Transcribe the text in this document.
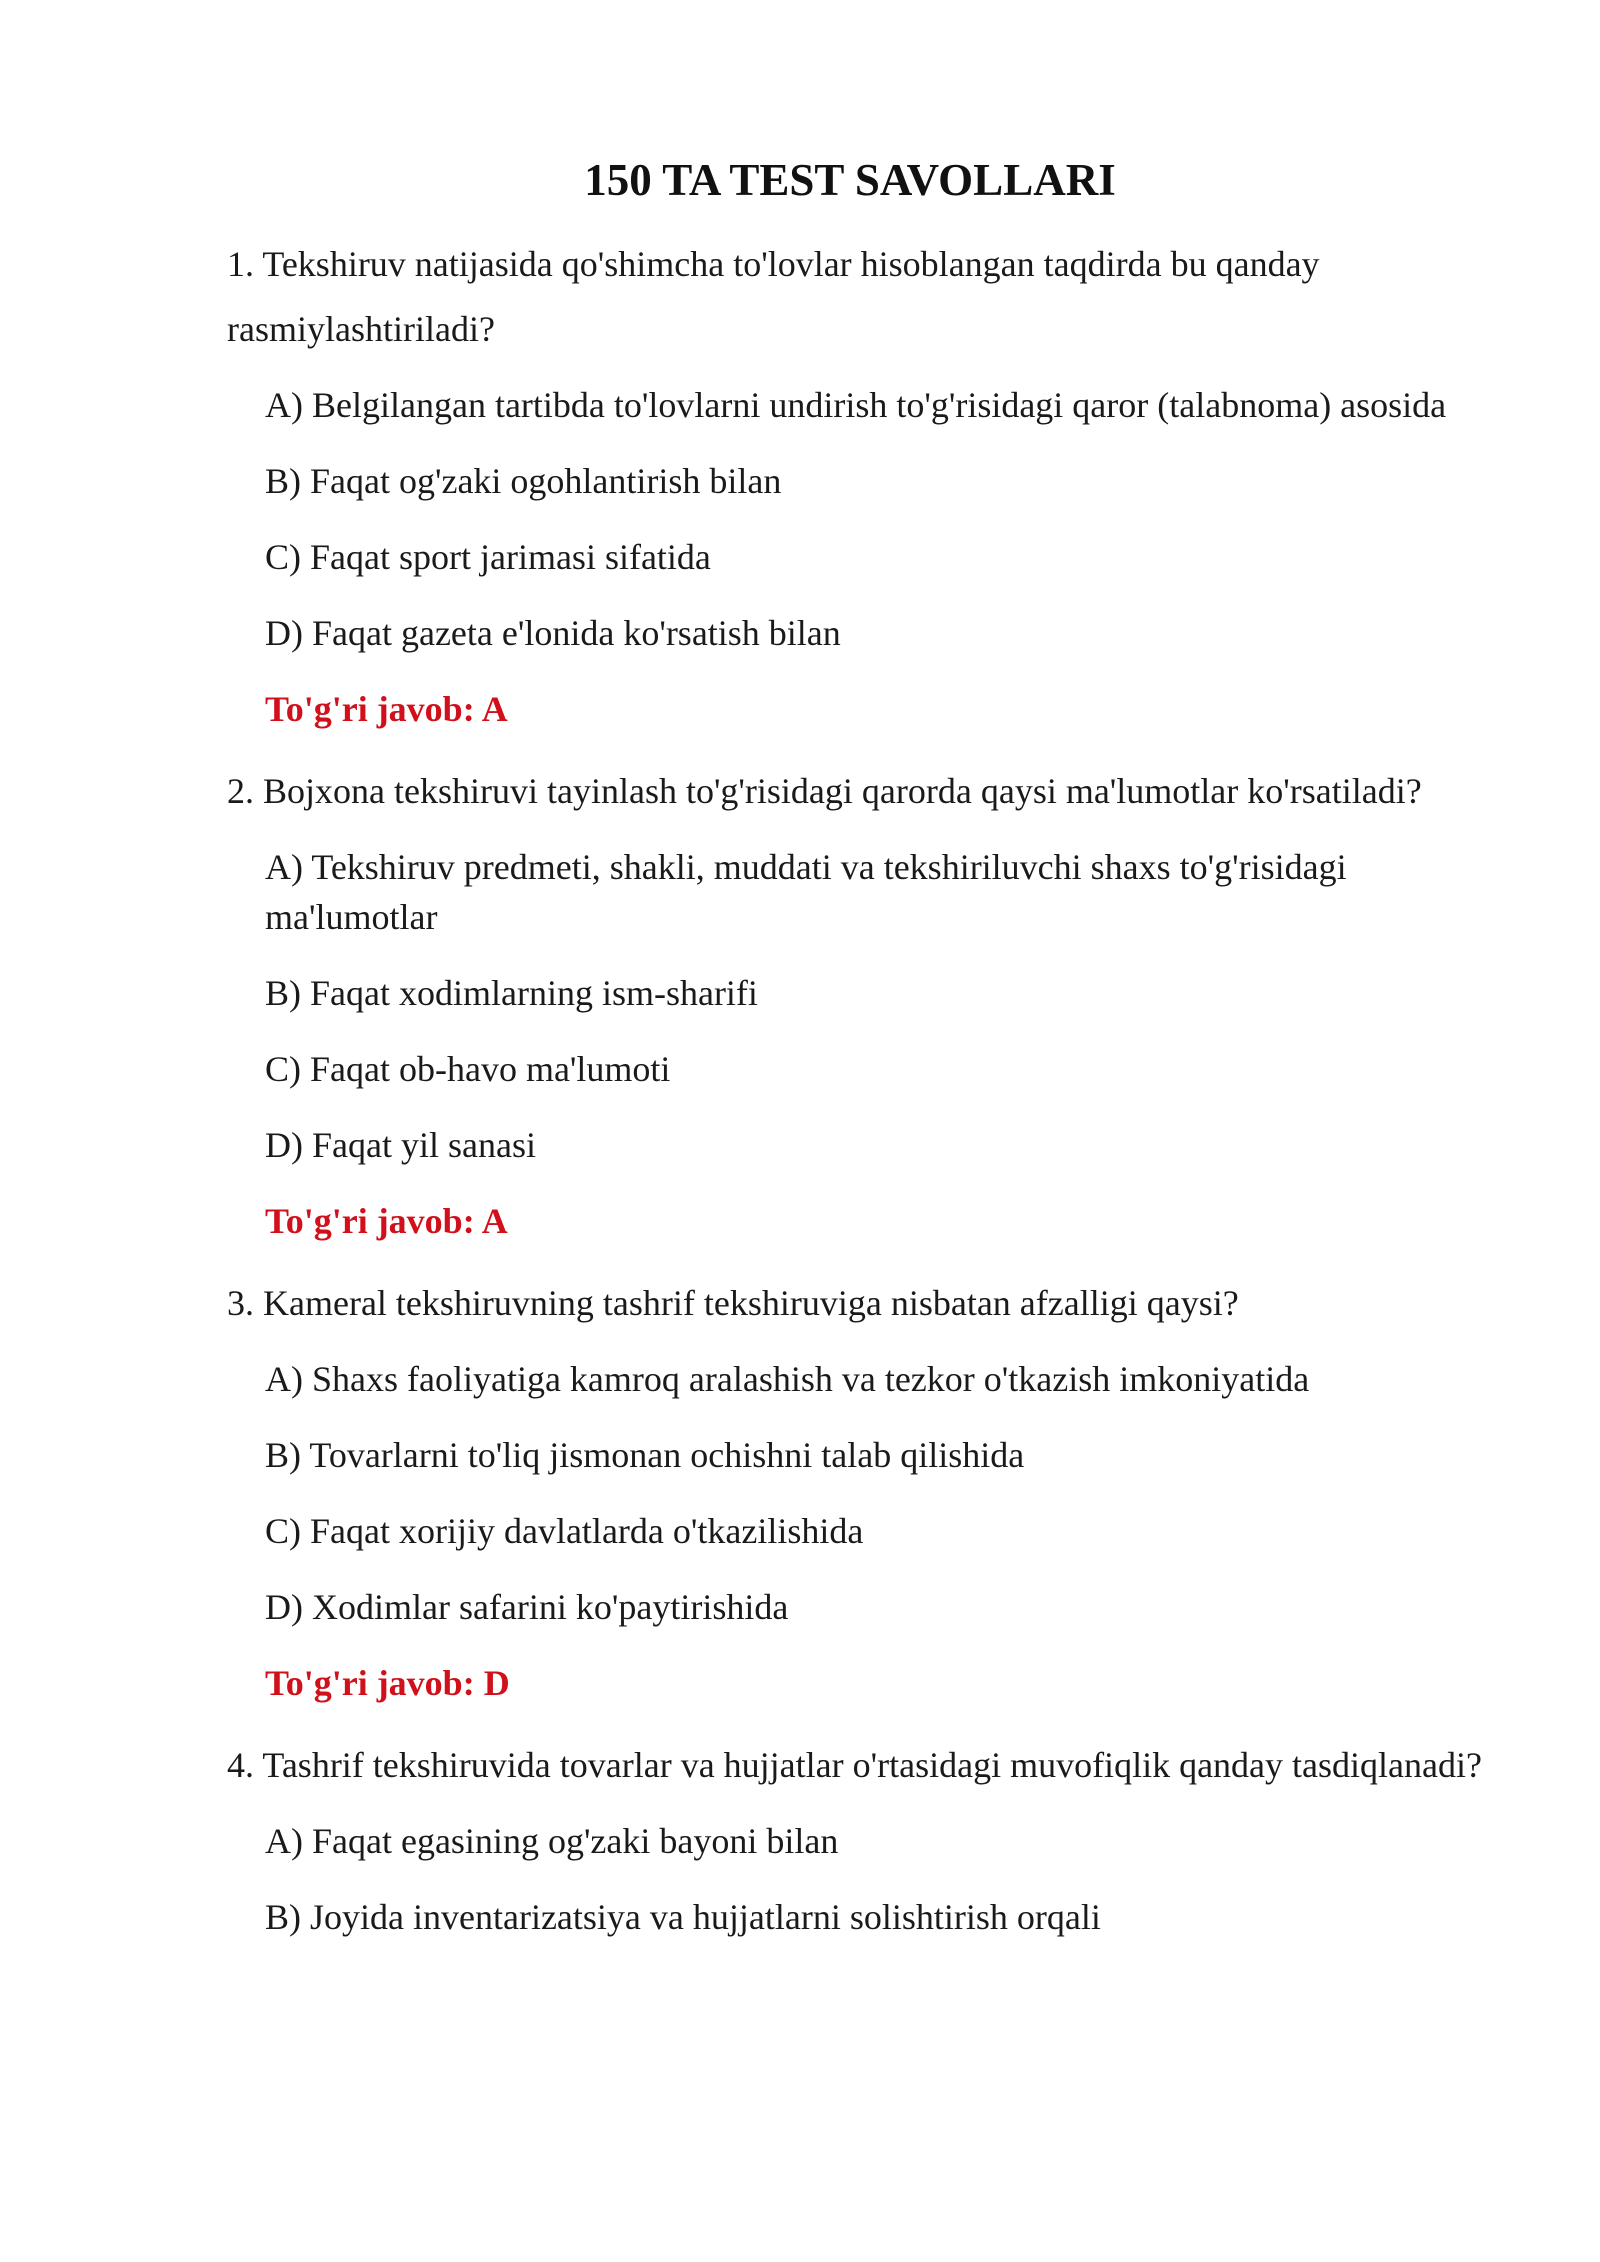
150 TA TEST SAVOLLARI
1. Tekshiruv natijasida qo'shimcha to'lovlar hisoblangan taqdirda bu qanday rasmiylashtiriladi?
A) Belgilangan tartibda to'lovlarni undirish to'g'risidagi qaror (talabnoma) asosida
B) Faqat og'zaki ogohlantirish bilan
C) Faqat sport jarimasi sifatida
D) Faqat gazeta e'lonida ko'rsatish bilan
To'g'ri javob: A
2. Bojxona tekshiruvi tayinlash to'g'risidagi qarorda qaysi ma'lumotlar ko'rsatiladi?
A) Tekshiruv predmeti, shakli, muddati va tekshiriluvchi shaxs to'g'risidagi ma'lumotlar
B) Faqat xodimlarning ism-sharifi
C) Faqat ob-havo ma'lumoti
D) Faqat yil sanasi
To'g'ri javob: A
3. Kameral tekshiruvning tashrif tekshiruviga nisbatan afzalligi qaysi?
A) Shaxs faoliyatiga kamroq aralashish va tezkor o'tkazish imkoniyatida
B) Tovarlarni to'liq jismonan ochishni talab qilishida
C) Faqat xorijiy davlatlarda o'tkazilishida
D) Xodimlar safarini ko'paytirishida
To'g'ri javob: D
4. Tashrif tekshiruvida tovarlar va hujjatlar o'rtasidagi muvofiqlik qanday tasdiqlanadi?
A) Faqat egasining og'zaki bayoni bilan
B) Joyida inventarizatsiya va hujjatlarni solishtirish orqali
